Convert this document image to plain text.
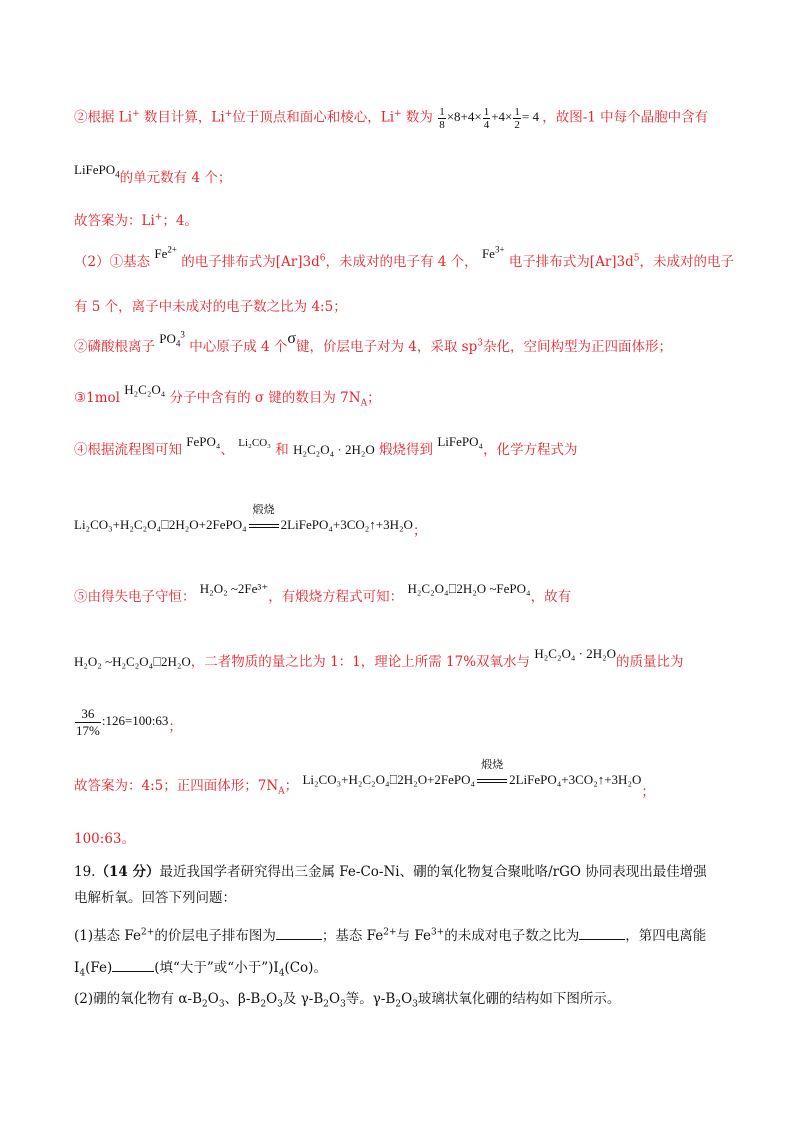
②根据 Li+ 数目计算，Li+位于顶点和面心和棱心，Li+ 数为 $\frac{1}{8} \times 8+4\times \frac{1}{4} +4\times \frac{1}{2} = 4$ ，故图-1 中每个晶胞中含有
LiFePO$_4$的单元数有 4 个；
故答案为：Li+；4。
（2）①基态 $Fe^{2+}$ 的电子排布式为$[Ar]3d^6$，未成对的电子有 4 个， $Fe^{3+}$ 电子排布式为$[Ar]3d^5$，未成对的电子
有 5 个，离子中未成对的电子数之比为 4:5；
②磷酸根离子 $PO_4^3$ 中心原子成 4 个σ键，价层电子对为 4，采取 $sp^3$杂化，空间构型为正四面体形；
③1mol H₂C₂O₄ 分子中含有的 σ 键的数目为 $7N_A$；
④根据流程图可知 FePO₄、 $^{Li_2CO_3}$ 和 H₂C₂O₄ · 2H₂O 煅烧得到 LiFePO₄，化学方程式为
Li₂CO₃+H₂C₂O₄⎕2H₂O+2FePO₄
煅烧
2LiFePO₄+3CO₂↑+3H₂O；
⑤由得失电子守恒： H₂O₂ ~2Fe³⁺，有煅烧方程式可知： H₂C₂O₄⎕2H₂O ~FePO₄，故有
H₂O₂ ~H₂C₂O₄⎕2H₂O，二者物质的量之比为 1：1，理论上所需 17%双氧水与 H₂C₂O₄ · 2H₂O的质量比为
$\frac{36}{17\%}$ :126=100:63；
故答案为：4:5；正四面体形；$7N_A$； Li₂CO₃+H₂C₂O₄⎕2H₂O+2FePO₄
煅烧
2LiFePO₄+3CO₂↑+3H₂O；
100:63。
19.（14 分）最近我国学者研究得出三金属 Fe-Co-Ni、硼的氧化物复合聚吡咯/rGO 协同表现出最佳增强
电解析氧。回答下列问题：
(1)基态 $Fe^{2+}$的价层电子排布图为	；基态 $Fe^{2+}$与 $Fe^{3+}$的未成对电子数之比为	，第四电离能
$I_4(Fe)$	(填“大于”或“小于$”)I_4(Co)$。
(2)硼的氧化物有 $\alpha-B_2O_3$、$\beta-B_2O_3$及 $\gamma-B_2O_3$等。$\gamma-B_2O_3$玻璃状氧化硼的结构如下图所示。
